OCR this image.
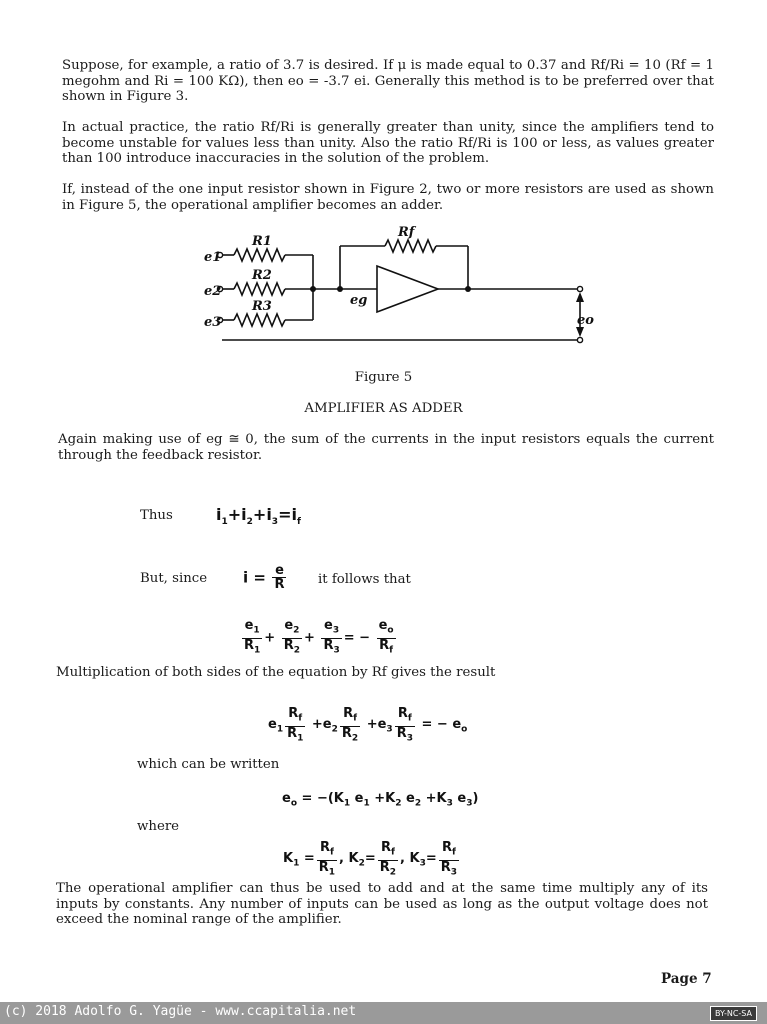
Suppose, for example, a ratio of 3.7 is desired. If μ is made equal to 0.37 and Rf/Ri = 10 (Rf = 1 megohm and Ri = 100 KΩ), then eo = -3.7 ei. Generally this method is to be preferred over that shown in Figure 3.

In actual practice, the ratio Rf/Ri is generally greater than unity, since the amplifiers tend to become unstable for values less than unity. Also the ratio Rf/Ri is 100 or less, as values greater than 100 introduce inaccuracies in the solution of the problem.

If, instead of the one input resistor shown in Figure 2, two or more resistors are used as shown in Figure 5, the operational amplifier becomes an adder.

e1
e2
e3
R1
R2
R3
Rf
eg
eo

Figure 5

AMPLIFIER AS ADDER

Again making use of eg ≅ 0, the sum of the currents in the input resistors equals the current through the feedback resistor.

Thus	$i_1+i_2+i_3=i_f$
But, since $i = \frac{e}{R}$ it follows that
$\frac{e_1}{R_1} + \frac{e_2}{R_2} + \frac{e_3}{R_3}$ = − $\frac{e_o}{R_f}$

Multiplication of both sides of the equation by Rf gives the result

$e_1 \frac{R_f}{R_1} +e_2 \frac{R_f}{R_2} +e_3 \frac{R_f}{R_3}$ = − $e_o$
which can be written
$e_o = -(K_1$ $e_1 +K_2$ $e_2 +K_3$ $e_3$)
where
$K_1 = \frac{R_f}{R_1}$ , $K_2= \frac{R_f}{R_2}$ , $K_3= \frac{R_f}{R_3}$

The operational amplifier can thus be used to add and at the same time multiply any of its inputs by constants. Any number of inputs can be used as long as the output voltage does not exceed the nominal range of the amplifier.

Page 7
(c) 2018 Adolfo G. Yagüe - www.ccapitalia.net	BY-NC-SA
